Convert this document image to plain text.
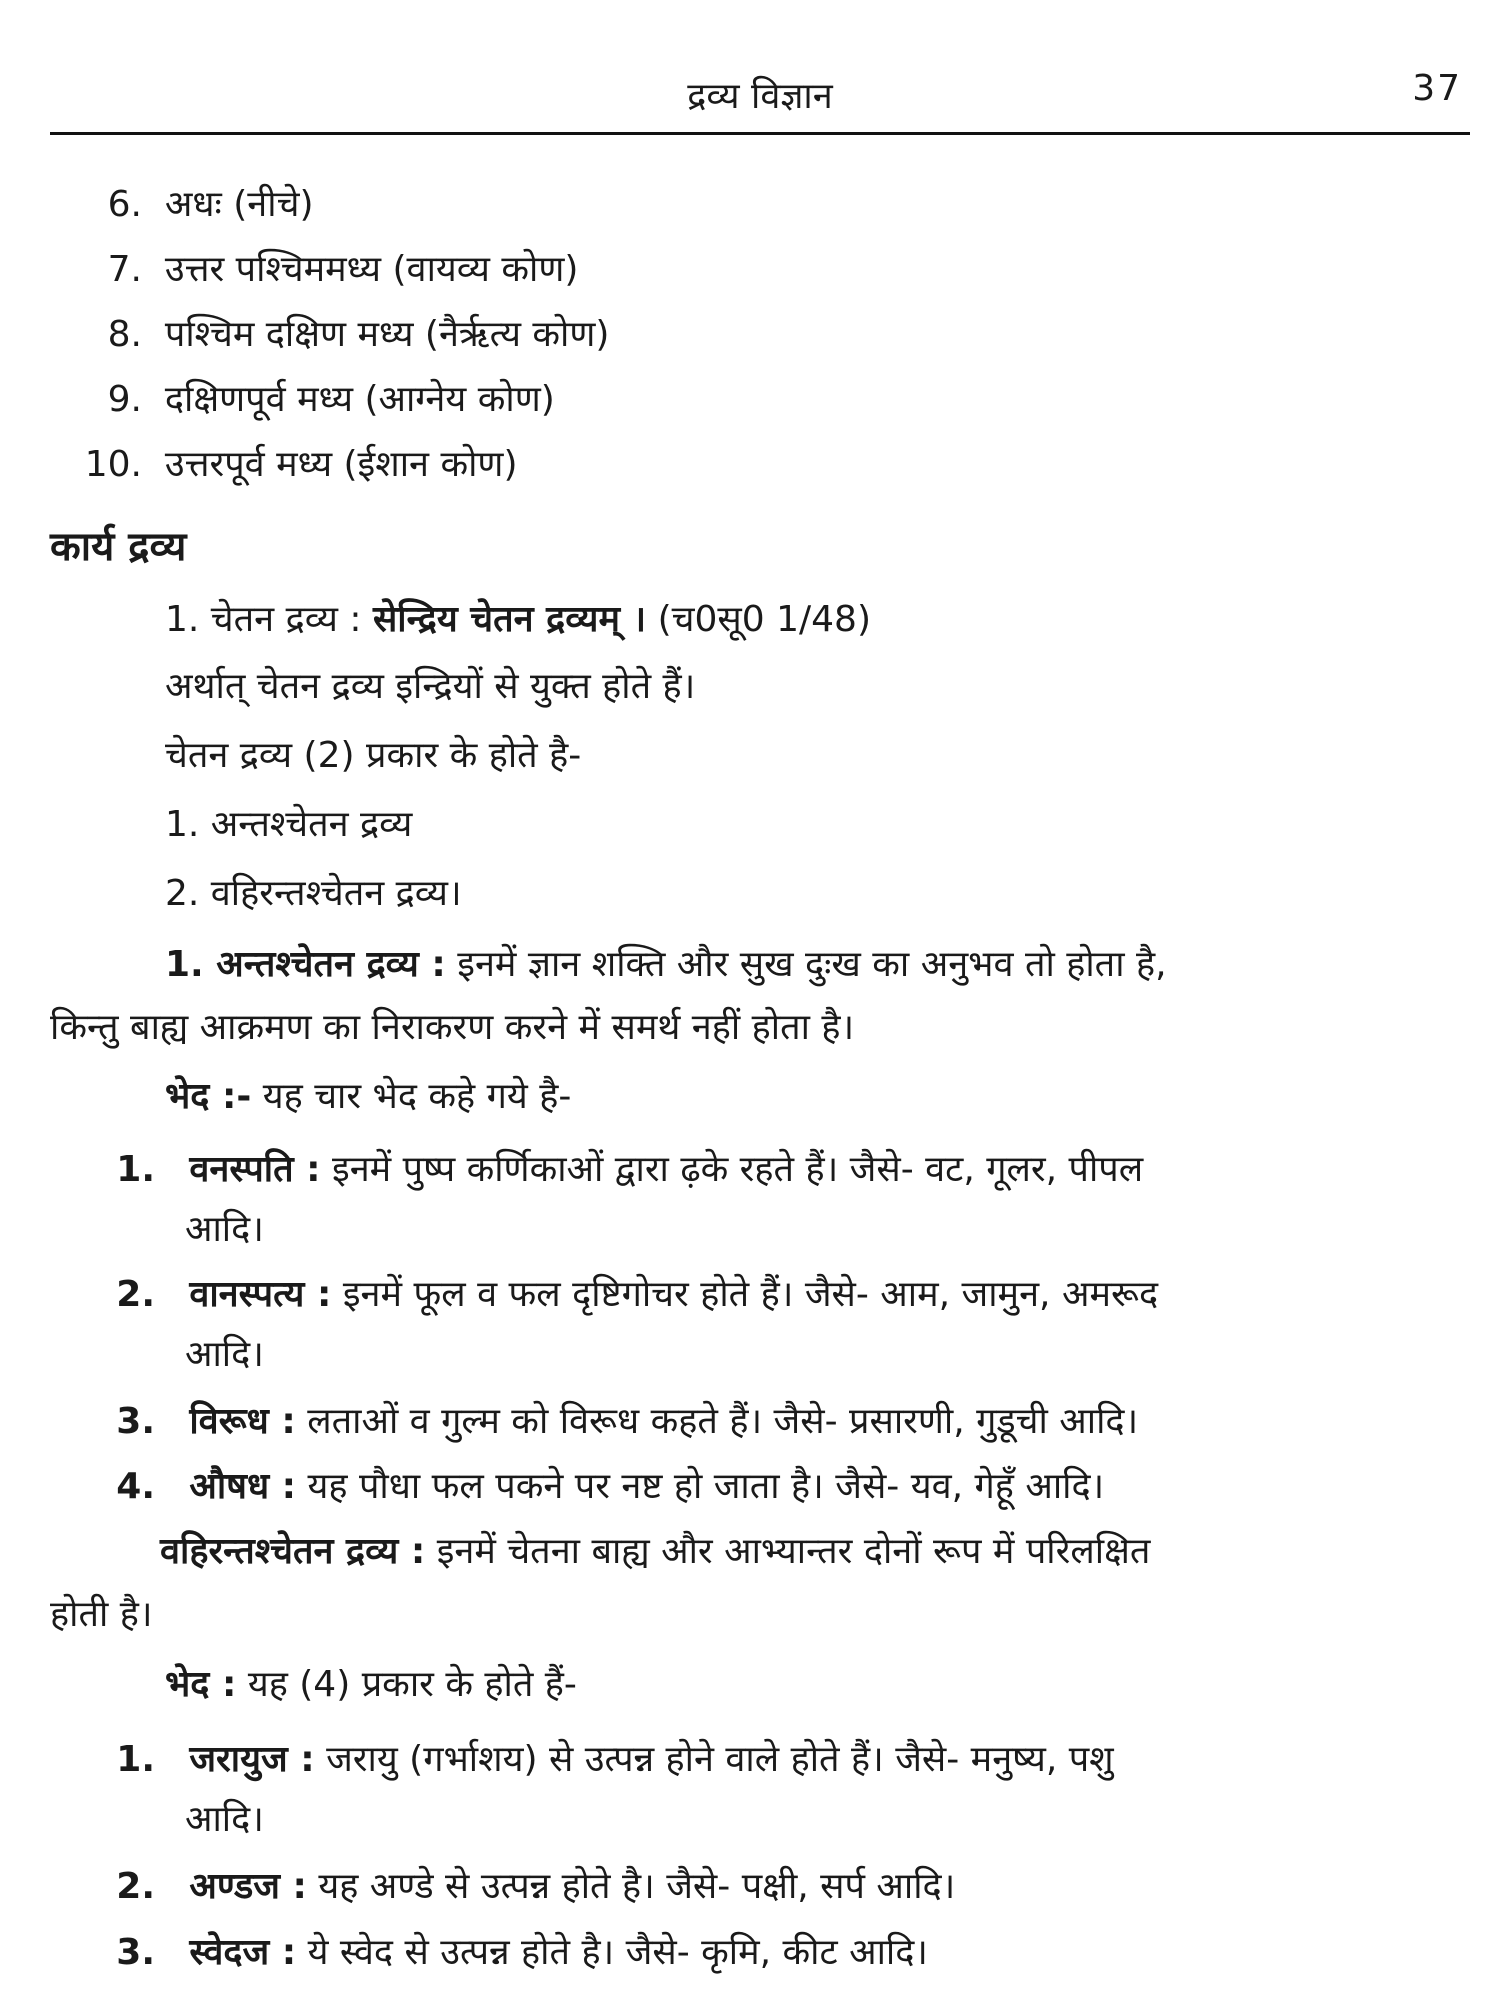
द्रव्य विज्ञान	37
6. अधः (नीचे)
7. उत्तर पश्चिममध्य (वायव्य कोण)
8. पश्चिम दक्षिण मध्य (नैर्ऋत्य कोण)
9. दक्षिणपूर्व मध्य (आग्नेय कोण)
10. उत्तरपूर्व मध्य (ईशान कोण)
कार्य द्रव्य
1. चेतन द्रव्य : सेन्द्रिय चेतन द्रव्यम् । (च0सू0 1/48)
अर्थात् चेतन द्रव्य इन्द्रियों से युक्त होते हैं।
चेतन द्रव्य (2) प्रकार के होते है-
1. अन्तश्चेतन द्रव्य
2. वहिरन्तश्चेतन द्रव्य।
1. अन्तश्चेतन द्रव्य : इनमें ज्ञान शक्ति और सुख दुःख का अनुभव तो होता है,
किन्तु बाह्य आक्रमण का निराकरण करने में समर्थ नहीं होता है।
भेद :- यह चार भेद कहे गये है-
1. वनस्पति : इनमें पुष्प कर्णिकाओं द्वारा ढ़के रहते हैं। जैसे- वट, गूलर, पीपल
आदि।
2. वानस्पत्य : इनमें फूल व फल दृष्टिगोचर होते हैं। जैसे- आम, जामुन, अमरूद
आदि।
3. विरूध : लताओं व गुल्म को विरूध कहते हैं। जैसे- प्रसारणी, गुडूची आदि।
4. औषध : यह पौधा फल पकने पर नष्ट हो जाता है। जैसे- यव, गेहूँ आदि।
वहिरन्तश्चेतन द्रव्य : इनमें चेतना बाह्य और आभ्यान्तर दोनों रूप में परिलक्षित
होती है।
भेद : यह (4) प्रकार के होते हैं-
1. जरायुज : जरायु (गर्भाशय) से उत्पन्न होने वाले होते हैं। जैसे- मनुष्य, पशु
आदि।
2. अण्डज : यह अण्डे से उत्पन्न होते है। जैसे- पक्षी, सर्प आदि।
3. स्वेदज : ये स्वेद से उत्पन्न होते है। जैसे- कृमि, कीट आदि।
